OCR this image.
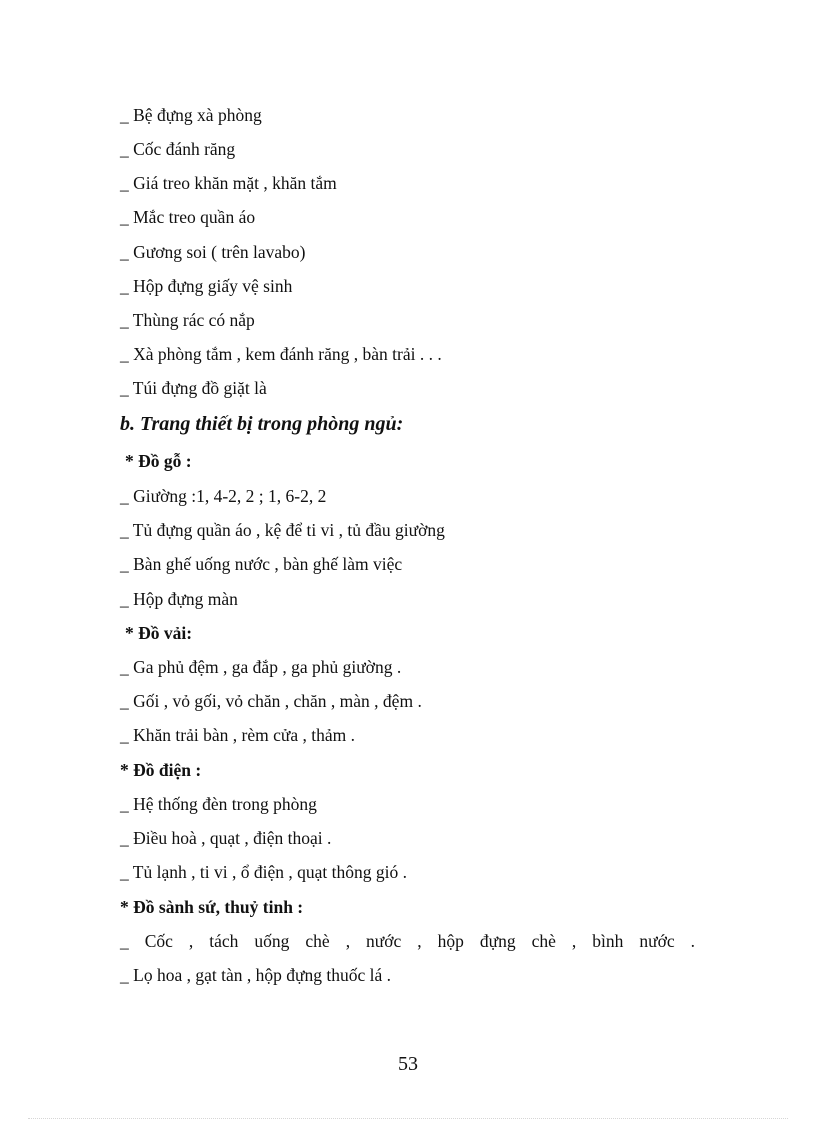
_ Bệ đựng xà phòng
_ Cốc đánh răng
_ Giá treo khăn mặt , khăn tắm
_ Mắc treo quần áo
_ Gương soi ( trên lavabo)
_ Hộp đựng giấy vệ sinh
_ Thùng rác có nắp
_ Xà phòng tắm , kem đánh răng , bàn trải . . .
_ Túi đựng đồ giặt là
b. Trang thiết bị trong phòng ngủ:
* Đồ gỗ :
_ Giường :1, 4-2, 2 ; 1, 6-2, 2
_ Tủ đựng quần áo , kệ để ti vi , tủ đầu giường
_ Bàn ghế uống nước , bàn ghế làm việc
_ Hộp đựng màn
* Đồ vải:
_ Ga phủ đệm , ga đắp , ga phủ giường .
_ Gối , vỏ gối, vỏ chăn , chăn , màn , đệm .
_ Khăn trải bàn , rèm cửa , thảm .
* Đồ điện :
_ Hệ thống đèn trong phòng
_ Điều hoà , quạt , điện thoại .
_ Tủ lạnh , ti vi , ổ điện , quạt thông gió .
* Đồ sành sứ, thuỷ tinh :
_ Cốc , tách uống chè , nước , hộp đựng chè , bình nước .
_ Lọ hoa , gạt tàn , hộp đựng thuốc lá .
53
